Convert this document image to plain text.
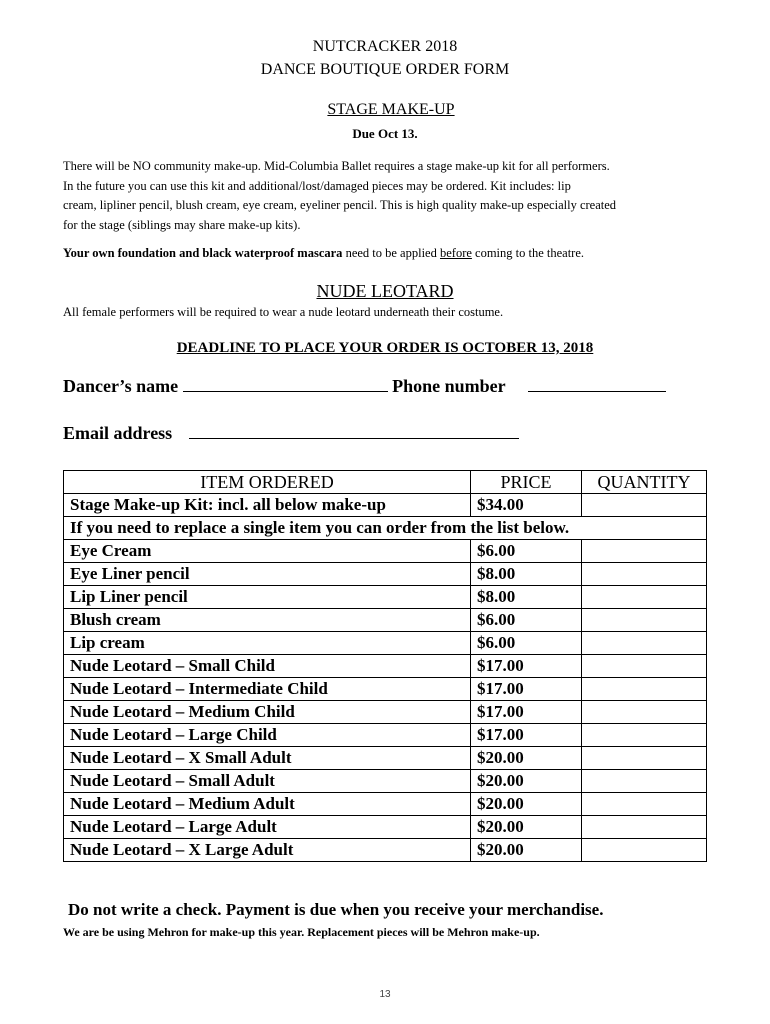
NUTCRACKER 2018
DANCE BOUTIQUE ORDER FORM
STAGE MAKE-UP
Due Oct 13.
There will be NO community make-up. Mid-Columbia Ballet requires a stage make-up kit for all performers.
In the future you can use this kit and additional/lost/damaged pieces may be ordered. Kit includes: lip
cream, lipliner pencil, blush cream, eye cream, eyeliner pencil. This is high quality make-up especially created
for the stage (siblings may share make-up kits).
Your own foundation and black waterproof mascara need to be applied before coming to the theatre.
NUDE LEOTARD
All female performers will be required to wear a nude leotard underneath their costume.
DEADLINE TO PLACE YOUR ORDER IS OCTOBER 13, 2018
Dancer’s name	Phone number
Email address
ITEM ORDERED	PRICE	QUANTITY
Stage Make-up Kit: incl. all below make-up	$34.00	
If you need to replace a single item you can order from the list below.		
Eye Cream	$6.00	
Eye Liner pencil	$8.00	
Lip Liner pencil	$8.00	
Blush cream	$6.00	
Lip cream	$6.00	
Nude Leotard – Small Child	$17.00	
Nude Leotard – Intermediate Child	$17.00	
Nude Leotard – Medium Child	$17.00	
Nude Leotard – Large Child	$17.00	
Nude Leotard – X Small Adult	$20.00	
Nude Leotard – Small Adult	$20.00	
Nude Leotard – Medium Adult	$20.00	
Nude Leotard – Large Adult	$20.00	
Nude Leotard – X Large Adult	$20.00	
Do not write a check. Payment is due when you receive your merchandise.
We are be using Mehron for make-up this year. Replacement pieces will be Mehron make-up.
13
